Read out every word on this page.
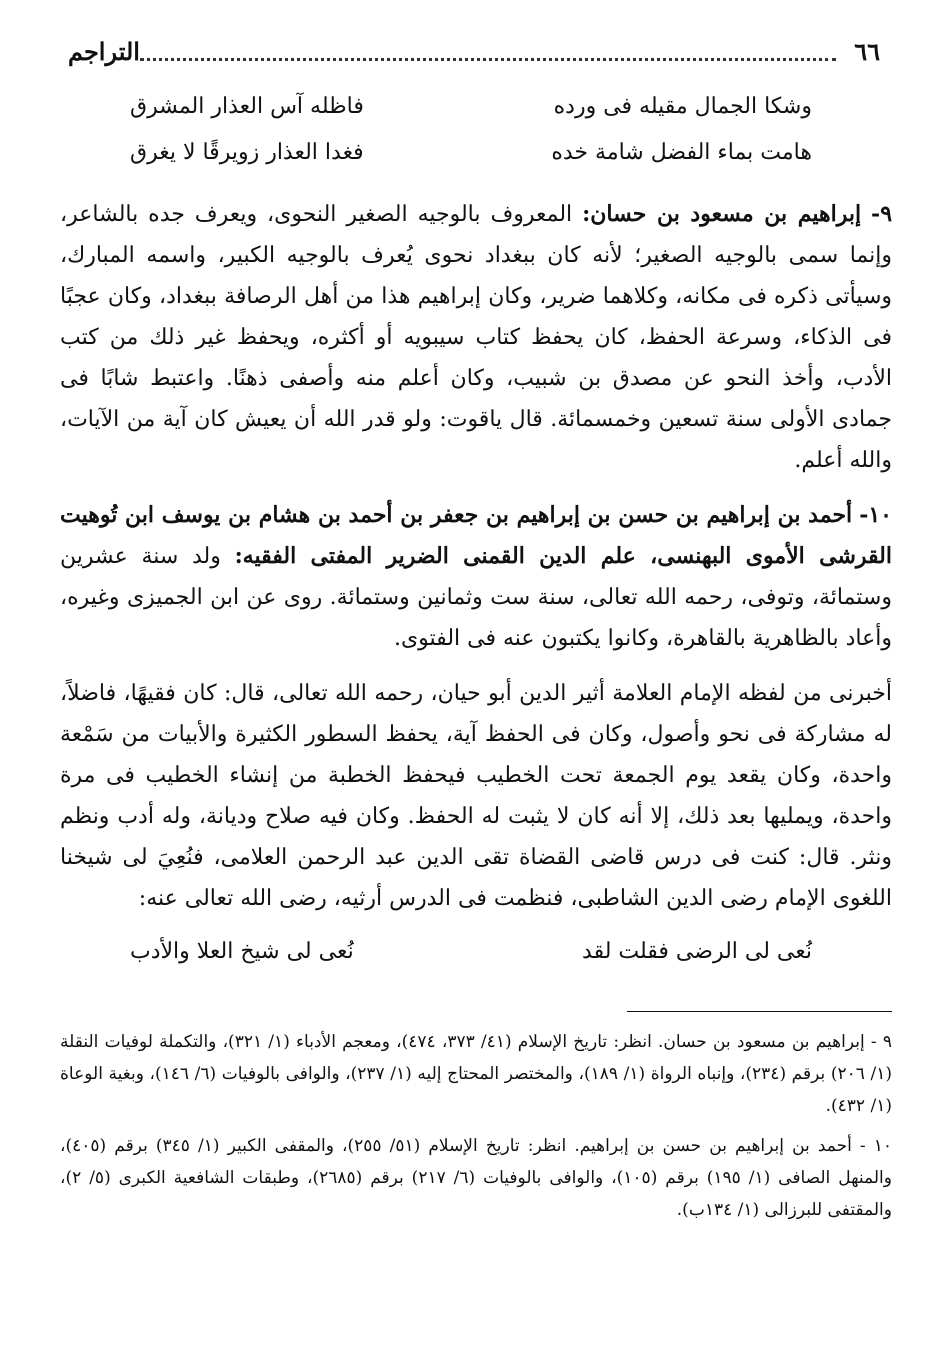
٦٦
التراجم
وشكا الجمال مقيله فى ورده
فاظله آس العذار المشرق
هامت بماء الفضل شامة خده
فغدا العذار زويرقًا لا يغرق

٩- إبراهيم بن مسعود بن حسان: المعروف بالوجيه الصغير النحوى، ويعرف جده بالشاعر، وإنما سمى بالوجيه الصغير؛ لأنه كان ببغداد نحوى يُعرف بالوجيه الكبير، واسمه المبارك، وسيأتى ذكره فى مكانه، وكلاهما ضرير، وكان إبراهيم هذا من أهل الرصافة ببغداد، وكان عجبًا فى الذكاء، وسرعة الحفظ، كان يحفظ كتاب سيبويه أو أكثره، ويحفظ غير ذلك من كتب الأدب، وأخذ النحو عن مصدق بن شبيب، وكان أعلم منه وأصفى ذهنًا. واعتبط شابًا فى جمادى الأولى سنة تسعين وخمسمائة. قال ياقوت: ولو قدر الله أن يعيش كان آية من الآيات، والله أعلم.

١٠- أحمد بن إبراهيم بن حسن بن إبراهيم بن جعفر بن أحمد بن هشام بن يوسف ابن تُوهيت القرشى الأموى البهنسى، علم الدين القمنى الضرير المفتى الفقيه: ولد سنة عشرين وستمائة، وتوفى، رحمه الله تعالى، سنة ست وثمانين وستمائة. روى عن ابن الجميزى وغيره، وأعاد بالظاهرية بالقاهرة، وكانوا يكتبون عنه فى الفتوى.

أخبرنى من لفظه الإمام العلامة أثير الدين أبو حيان، رحمه الله تعالى، قال: كان فقيهًا، فاضلاً، له مشاركة فى نحو وأصول، وكان فى الحفظ آية، يحفظ السطور الكثيرة والأبيات من سَمْعة واحدة، وكان يقعد يوم الجمعة تحت الخطيب فيحفظ الخطبة من إنشاء الخطيب فى مرة واحدة، ويمليها بعد ذلك، إلا أنه كان لا يثبت له الحفظ. وكان فيه صلاح وديانة، وله أدب ونظم ونثر. قال: كنت فى درس قاضى القضاة تقى الدين عبد الرحمن العلامى، فنُعِيَ لى شيخنا اللغوى الإمام رضى الدين الشاطبى، فنظمت فى الدرس أرثيه، رضى الله تعالى عنه:

نُعى لى الرضى فقلت لقد
نُعى لى شيخ العلا والأدب

٩ - إبراهيم بن مسعود بن حسان. انظر: تاريخ الإسلام (٤١/ ٣٧٣، ٤٧٤)، ومعجم الأدباء (١/ ٣٢١)، والتكملة لوفيات النقلة (١/ ٢٠٦) برقم (٢٣٤)، وإنباه الرواة (١/ ١٨٩)، والمختصر المحتاج إليه (١/ ٢٣٧)، والوافى بالوفيات (٦/ ١٤٦)، وبغية الوعاة (١/ ٤٣٢).

١٠ - أحمد بن إبراهيم بن حسن بن إبراهيم. انظر: تاريخ الإسلام (٥١/ ٢٥٥)، والمقفى الكبير (١/ ٣٤٥) برقم (٤٠٥)، والمنهل الصافى (١/ ١٩٥) برقم (١٠٥)، والوافى بالوفيات (٦/ ٢١٧) برقم (٢٦٨٥)، وطبقات الشافعية الكبرى (٥/ ٢)، والمقتفى للبرزالى (١/ ١٣٤ب).
